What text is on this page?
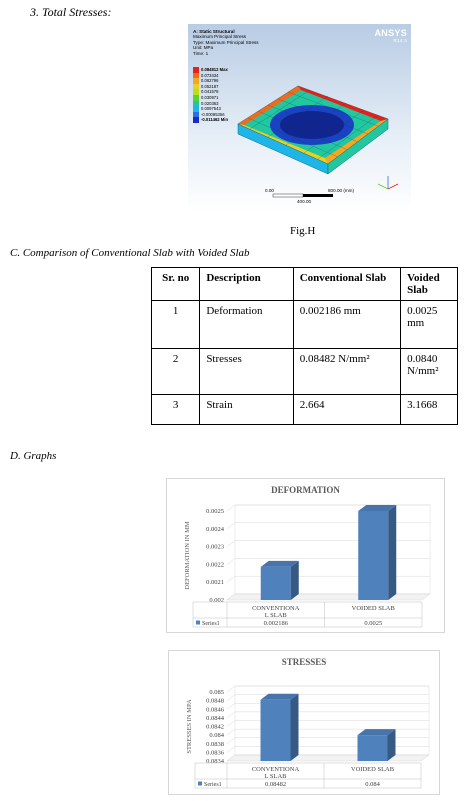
3. Total Stresses:
A: Static Structural
Maximum Principal Stress
Type: Maximum Principal Stress
Unit: MPa
Time: 1
ANSYS
R14.5
0.084812 Max
0.073434
0.062796
0.052187
0.041578
0.030971
0.020363
0.0097543
-0.00085356
-0.011462 Min
0.00
400.00
800.00 (mm)
Fig.H
C. Comparison of Conventional Slab with Voided Slab
Sr. no	Description	Conventional Slab	Voided Slab
1	Deformation	0.002186 mm	0.0025 mm
2	Stresses	0.08482 N/mm²	0.0840 N/mm²
3	Strain	2.664	3.1668
D. Graphs
DEFORMATION
DEFORMATION IN MM
0.002
0.0021
0.0022
0.0023
0.0024
0.0025
CONVENTIONA
L SLAB
VOIDED SLAB
Series1	0.002186	0.0025
STRESSES
STRESSES IN MPA
0.0834
0.0836
0.0838
0.084
0.0842
0.0844
0.0846
0.0848
0.085
CONVENTIONA
L SLAB
VOIDED SLAB
Series1	0.08482	0.084
